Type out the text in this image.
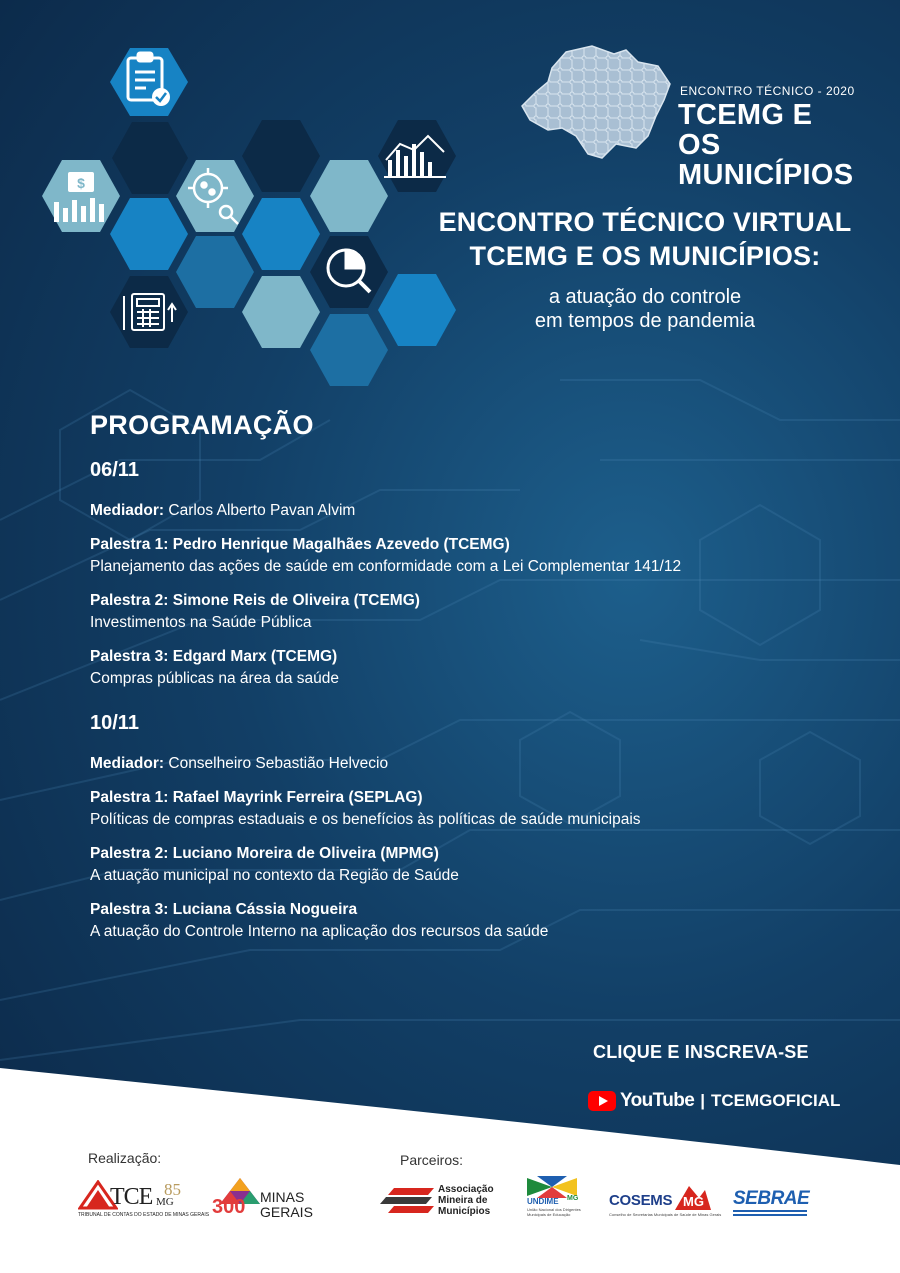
$
ENCONTRO TÉCNICO - 2020
TCEMG E OS
MUNICÍPIOS
ENCONTRO TÉCNICO VIRTUAL
TCEMG E OS MUNICÍPIOS:
a atuação do controle
em tempos de pandemia
PROGRAMAÇÃO
06/11
Mediador: Carlos Alberto Pavan Alvim
Palestra 1: Pedro Henrique Magalhães Azevedo (TCEMG)
Planejamento das ações de saúde em conformidade com a Lei Complementar 141/12
Palestra 2: Simone Reis de Oliveira (TCEMG)
Investimentos na Saúde Pública
Palestra 3: Edgard Marx (TCEMG)
Compras públicas na área da saúde
10/11
Mediador: Conselheiro Sebastião Helvecio
Palestra 1: Rafael Mayrink Ferreira (SEPLAG)
Políticas de compras estaduais e os benefícios às políticas de saúde municipais
Palestra 2: Luciano Moreira de Oliveira (MPMG)
A atuação municipal no contexto da Região de Saúde
Palestra 3: Luciana Cássia Nogueira
A atuação do Controle Interno na aplicação dos recursos da saúde
CLIQUE E INSCREVA-SE
YouTube | TCEMGOFICIAL
Realização:	Parceiros:
TCE MG
85
TRIBUNAL DE CONTAS DO ESTADO DE MINAS GERAIS 300 MINAS
GERAIS
Associação
Mineira de
Municípios
UNDIME MG
União Nacional dos Dirigentes
Municipais de Educação
COSEMS MG
Conselho de Secretarias Municipais de Saúde de Minas Gerais
SEBRAE
